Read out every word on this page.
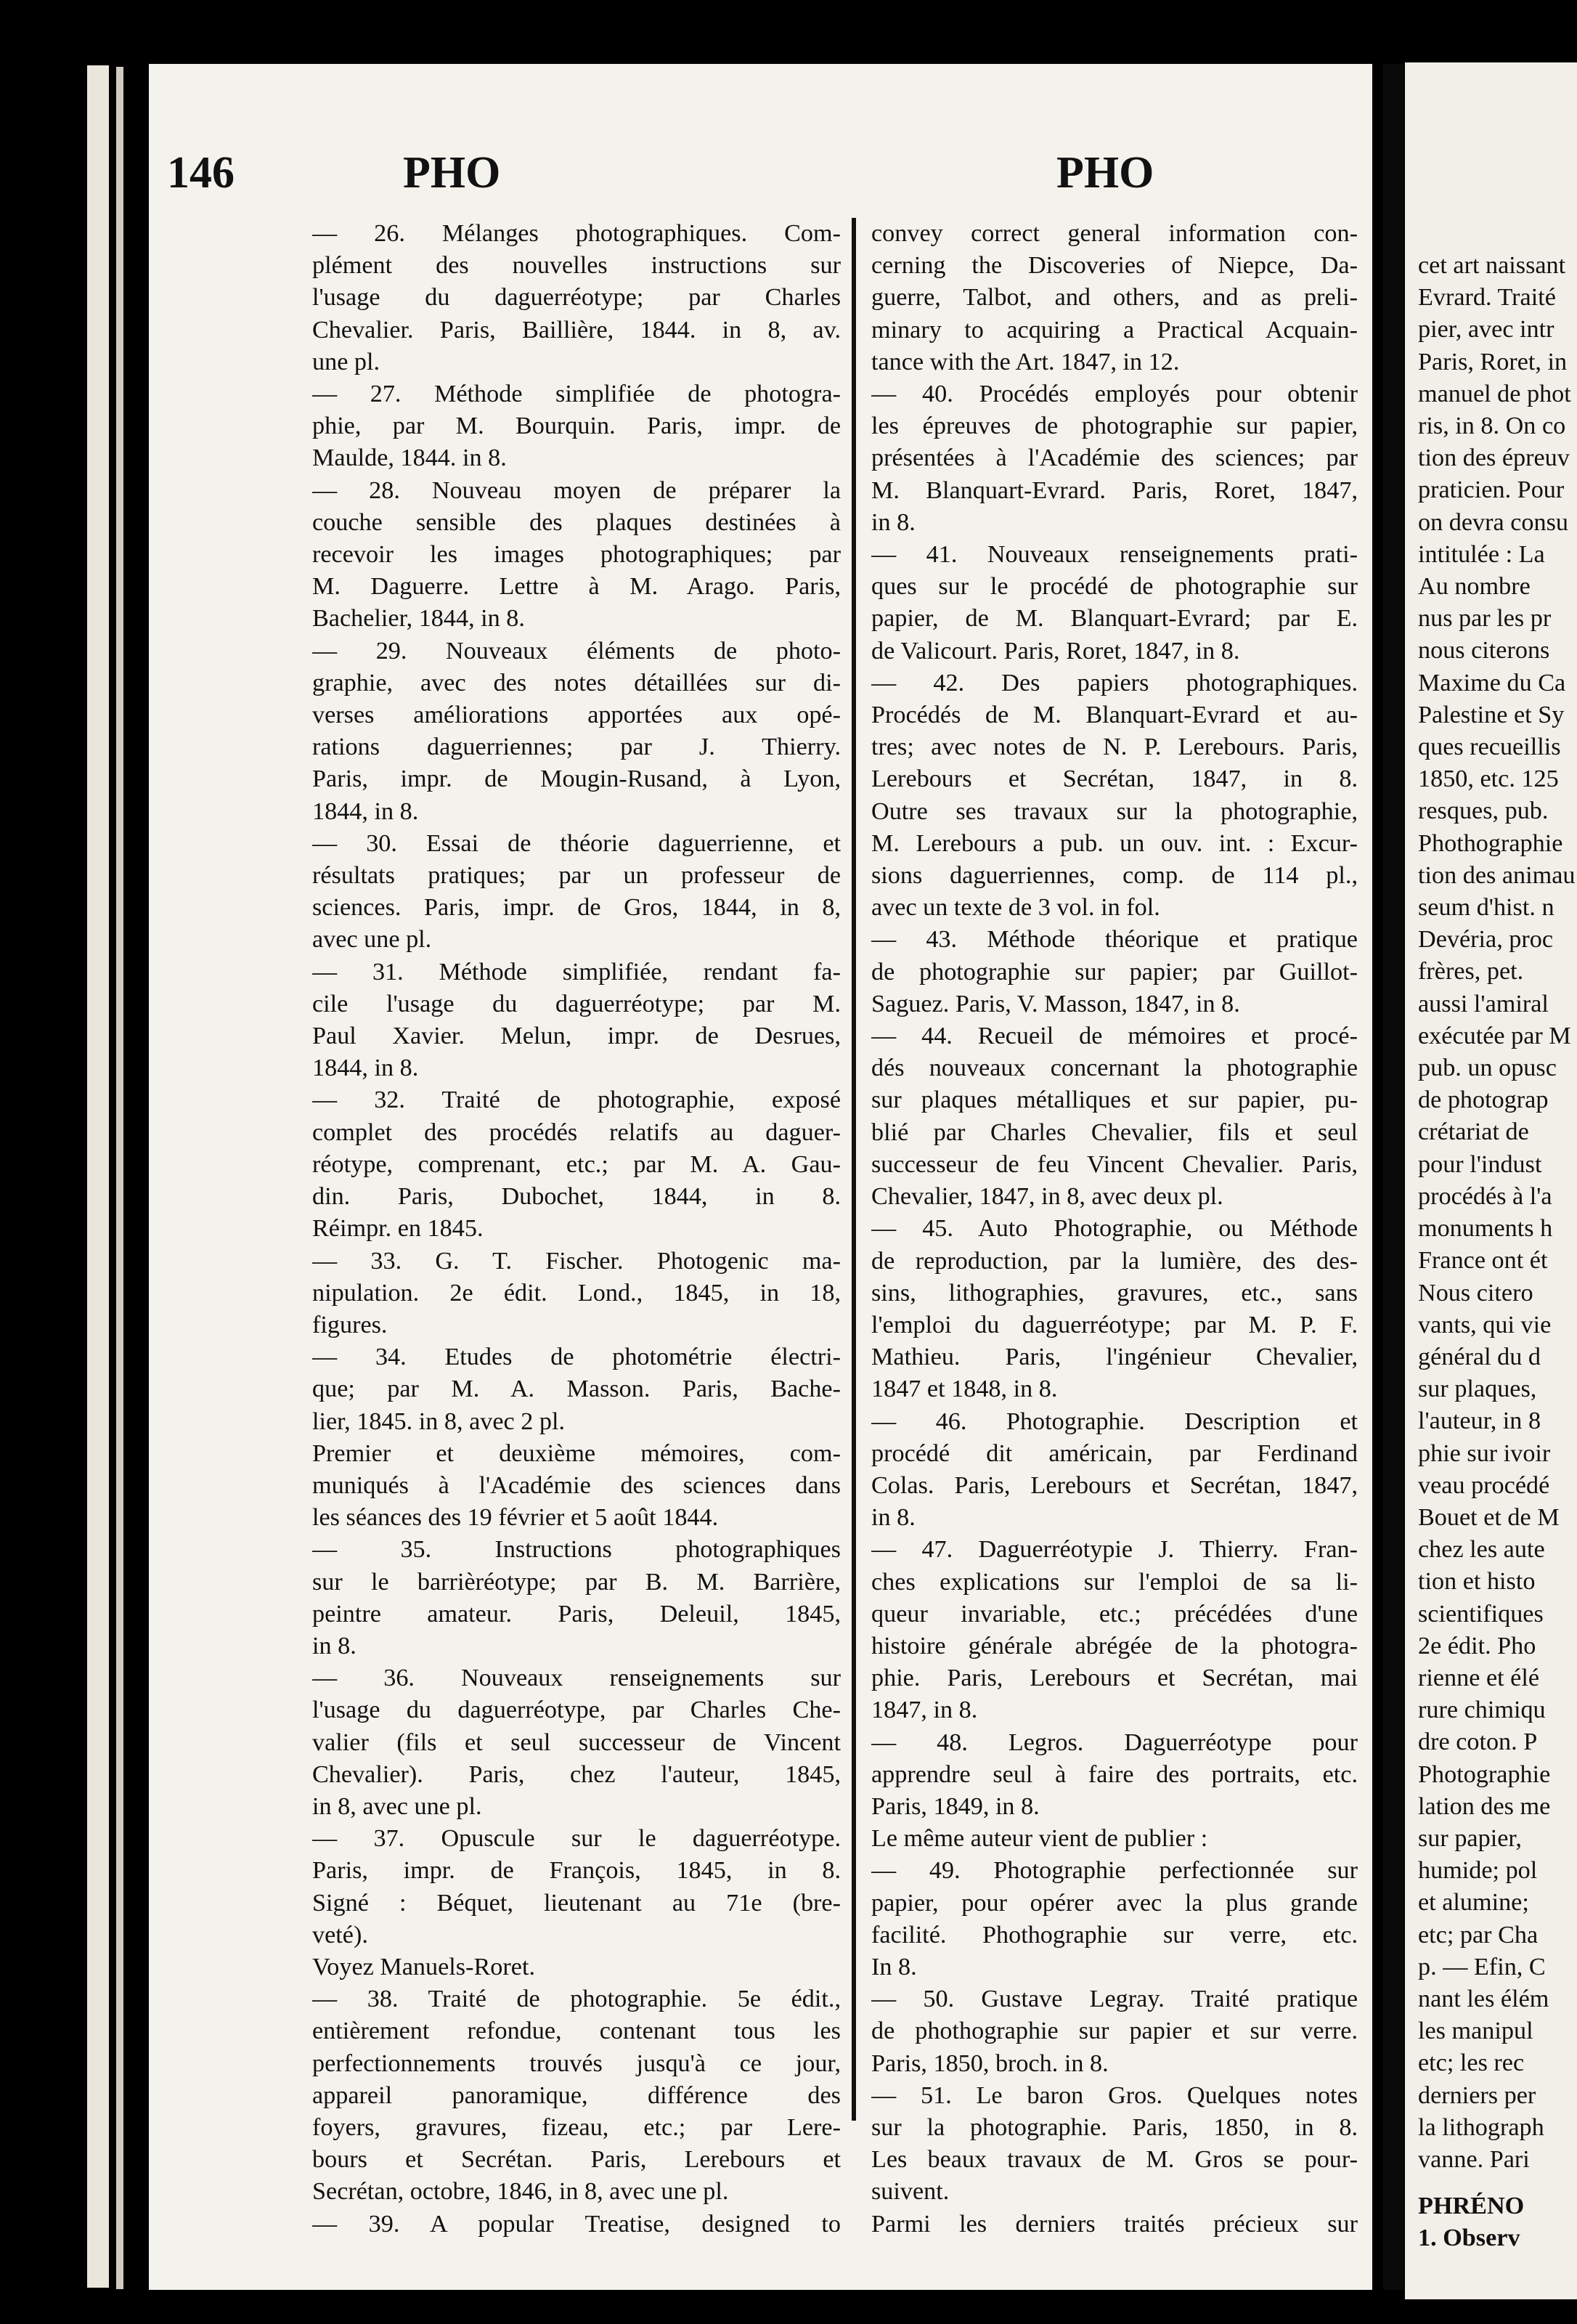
146	PHO	PHO
— 26. Mélanges photographiques. Com-
plément des nouvelles instructions sur
l'usage du daguerréotype; par Charles
Chevalier. Paris, Baillière, 1844. in 8, av.
une pl.
— 27. Méthode simplifiée de photogra-
phie, par M. Bourquin. Paris, impr. de
Maulde, 1844. in 8.
— 28. Nouveau moyen de préparer la
couche sensible des plaques destinées à
recevoir les images photographiques; par
M. Daguerre. Lettre à M. Arago. Paris,
Bachelier, 1844, in 8.
— 29. Nouveaux éléments de photo-
graphie, avec des notes détaillées sur di-
verses améliorations apportées aux opé-
rations daguerriennes; par J. Thierry.
Paris, impr. de Mougin-Rusand, à Lyon,
1844, in 8.
— 30. Essai de théorie daguerrienne, et
résultats pratiques; par un professeur de
sciences. Paris, impr. de Gros, 1844, in 8,
avec une pl.
— 31. Méthode simplifiée, rendant fa-
cile l'usage du daguerréotype; par M.
Paul Xavier. Melun, impr. de Desrues,
1844, in 8.
— 32. Traité de photographie, exposé
complet des procédés relatifs au daguer-
réotype, comprenant, etc.; par M. A. Gau-
din. Paris, Dubochet, 1844, in 8.
Réimpr. en 1845.
— 33. G. T. Fischer. Photogenic ma-
nipulation. 2e édit. Lond., 1845, in 18,
figures.
— 34. Etudes de photométrie électri-
que; par M. A. Masson. Paris, Bache-
lier, 1845. in 8, avec 2 pl.
Premier et deuxième mémoires, com-
muniqués à l'Académie des sciences dans
les séances des 19 février et 5 août 1844.
— 35. Instructions photographiques
sur le barrièréotype; par B. M. Barrière,
peintre amateur. Paris, Deleuil, 1845,
in 8.
— 36. Nouveaux renseignements sur
l'usage du daguerréotype, par Charles Che-
valier (fils et seul successeur de Vincent
Chevalier). Paris, chez l'auteur, 1845,
in 8, avec une pl.
— 37. Opuscule sur le daguerréotype.
Paris, impr. de François, 1845, in 8.
Signé : Béquet, lieutenant au 71e (bre-
veté).
Voyez Manuels-Roret.
— 38. Traité de photographie. 5e édit.,
entièrement refondue, contenant tous les
perfectionnements trouvés jusqu'à ce jour,
appareil panoramique, différence des
foyers, gravures, fizeau, etc.; par Lere-
bours et Secrétan. Paris, Lerebours et
Secrétan, octobre, 1846, in 8, avec une pl.
— 39. A popular Treatise, designed to
convey correct general information con-
cerning the Discoveries of Niepce, Da-
guerre, Talbot, and others, and as preli-
minary to acquiring a Practical Acquain-
tance with the Art. 1847, in 12.
— 40. Procédés employés pour obtenir
les épreuves de photographie sur papier,
présentées à l'Académie des sciences; par
M. Blanquart-Evrard. Paris, Roret, 1847,
in 8.
— 41. Nouveaux renseignements prati-
ques sur le procédé de photographie sur
papier, de M. Blanquart-Evrard; par E.
de Valicourt. Paris, Roret, 1847, in 8.
— 42. Des papiers photographiques.
Procédés de M. Blanquart-Evrard et au-
tres; avec notes de N. P. Lerebours. Paris,
Lerebours et Secrétan, 1847, in 8.
Outre ses travaux sur la photographie,
M. Lerebours a pub. un ouv. int. : Excur-
sions daguerriennes, comp. de 114 pl.,
avec un texte de 3 vol. in fol.
— 43. Méthode théorique et pratique
de photographie sur papier; par Guillot-
Saguez. Paris, V. Masson, 1847, in 8.
— 44. Recueil de mémoires et procé-
dés nouveaux concernant la photographie
sur plaques métalliques et sur papier, pu-
blié par Charles Chevalier, fils et seul
successeur de feu Vincent Chevalier. Paris,
Chevalier, 1847, in 8, avec deux pl.
— 45. Auto Photographie, ou Méthode
de reproduction, par la lumière, des des-
sins, lithographies, gravures, etc., sans
l'emploi du daguerréotype; par M. P. F.
Mathieu. Paris, l'ingénieur Chevalier,
1847 et 1848, in 8.
— 46. Photographie. Description et
procédé dit américain, par Ferdinand
Colas. Paris, Lerebours et Secrétan, 1847,
in 8.
— 47. Daguerréotypie J. Thierry. Fran-
ches explications sur l'emploi de sa li-
queur invariable, etc.; précédées d'une
histoire générale abrégée de la photogra-
phie. Paris, Lerebours et Secrétan, mai
1847, in 8.
— 48. Legros. Daguerréotype pour
apprendre seul à faire des portraits, etc.
Paris, 1849, in 8.
Le même auteur vient de publier :
— 49. Photographie perfectionnée sur
papier, pour opérer avec la plus grande
facilité. Phothographie sur verre, etc.
In 8.
— 50. Gustave Legray. Traité pratique
de phothographie sur papier et sur verre.
Paris, 1850, broch. in 8.
— 51. Le baron Gros. Quelques notes
sur la photographie. Paris, 1850, in 8.
Les beaux travaux de M. Gros se pour-
suivent.
Parmi les derniers traités précieux sur
cet art naissant
Evrard. Traité
pier, avec intr
Paris, Roret, in
manuel de phot
ris, in 8. On co
tion des épreuv
praticien. Pour
on devra consu
intitulée : La
Au nombre
nus par les pr
nous citerons
Maxime du Ca
Palestine et Sy
ques recueillis
1850, etc. 125
resques, pub.
Phothographie
tion des animau
seum d'hist. n
Devéria, proc
frères, pet.
aussi l'amiral
exécutée par M
pub. un opusc
de photograp
crétariat de
pour l'indust
procédés à l'a
monuments h
France ont ét
Nous citero
vants, qui vie
général du d
sur plaques,
l'auteur, in 8
phie sur ivoir
veau procédé
Bouet et de M
chez les aute
tion et histo
scientifiques
2e édit. Pho
rienne et élé
rure chimiqu
dre coton. P
Photographie
lation des me
sur papier,
humide; pol
et alumine;
etc; par Cha
p. — Efin, C
nant les élém
les manipul
etc; les rec
derniers per
la lithograph
vanne. Pari
PHRÉNO
1. Observ
